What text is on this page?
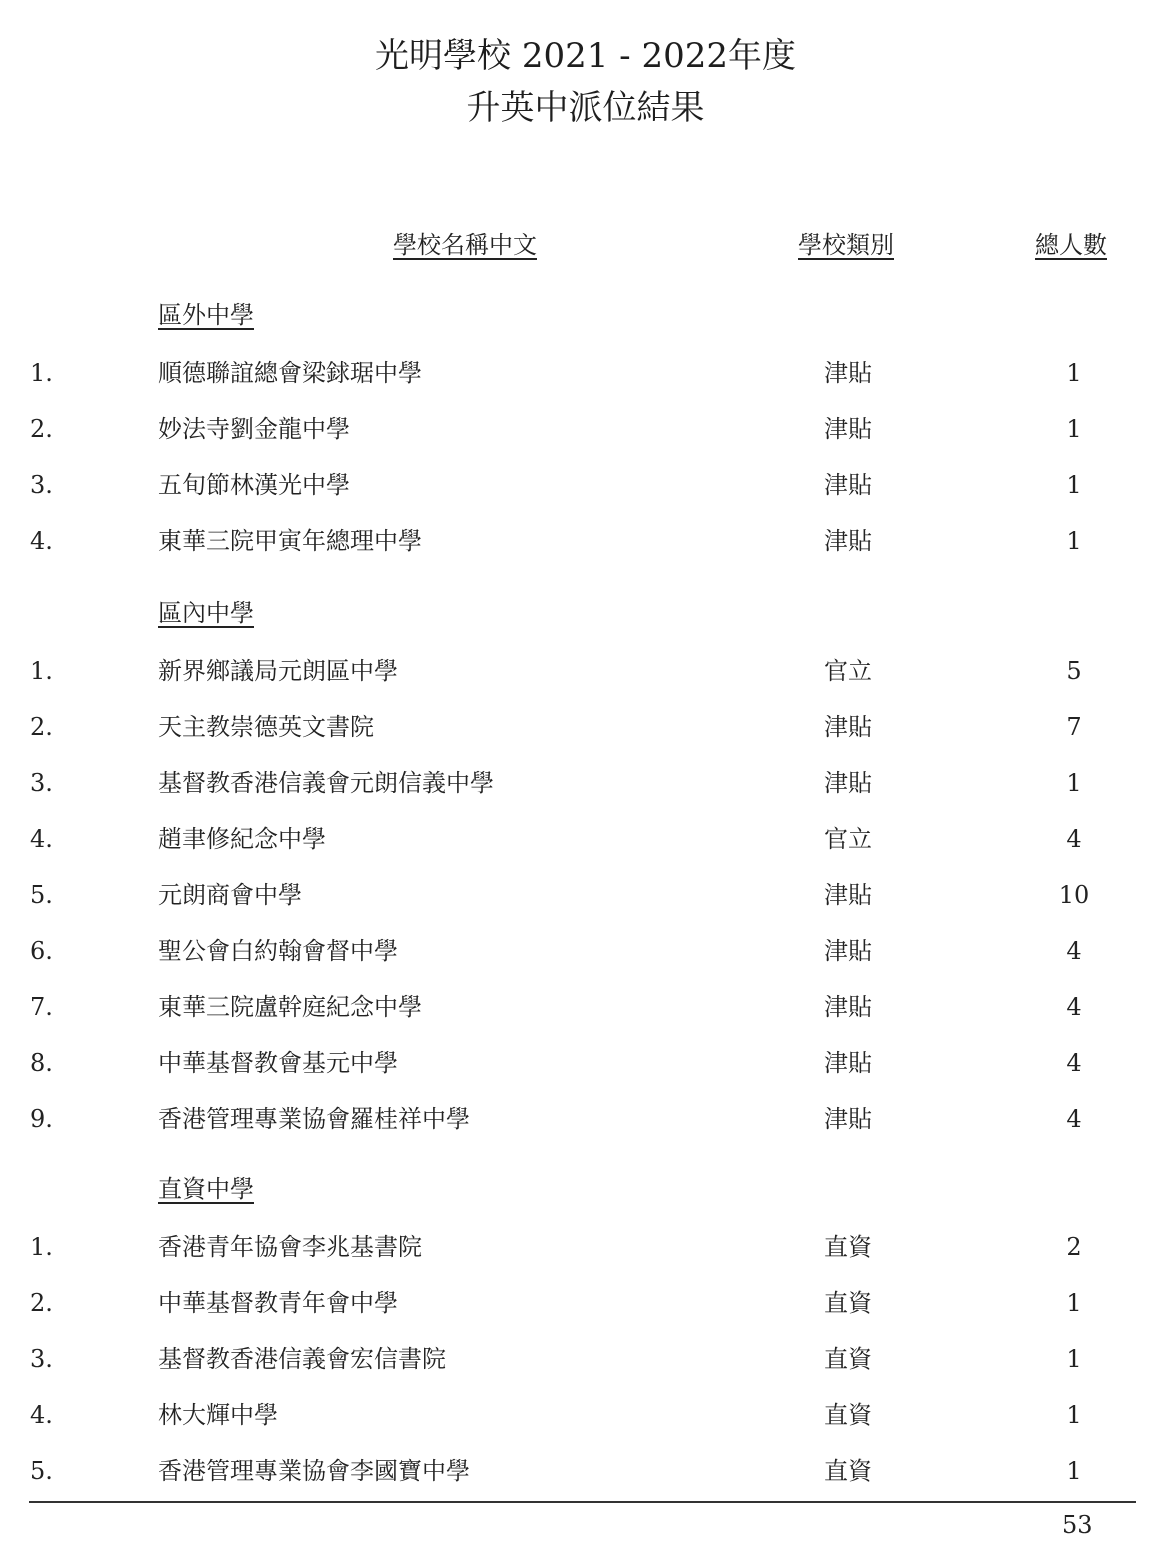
光明學校 2021 - 2022年度
升英中派位結果
學校名稱中文	學校類別	總人數
區外中學
1.	順德聯誼總會梁銶琚中學	津貼	1
2.	妙法寺劉金龍中學	津貼	1
3.	五旬節林漢光中學	津貼	1
4.	東華三院甲寅年總理中學	津貼	1
區內中學
1.	新界鄉議局元朗區中學	官立	5
2.	天主教崇德英文書院	津貼	7
3.	基督教香港信義會元朗信義中學	津貼	1
4.	趙聿修紀念中學	官立	4
5.	元朗商會中學	津貼	10
6.	聖公會白約翰會督中學	津貼	4
7.	東華三院盧幹庭紀念中學	津貼	4
8.	中華基督教會基元中學	津貼	4
9.	香港管理專業協會羅桂祥中學	津貼	4
直資中學
1.	香港青年協會李兆基書院	直資	2
2.	中華基督教青年會中學	直資	1
3.	基督教香港信義會宏信書院	直資	1
4.	林大輝中學	直資	1
5.	香港管理專業協會李國寶中學	直資	1
53
